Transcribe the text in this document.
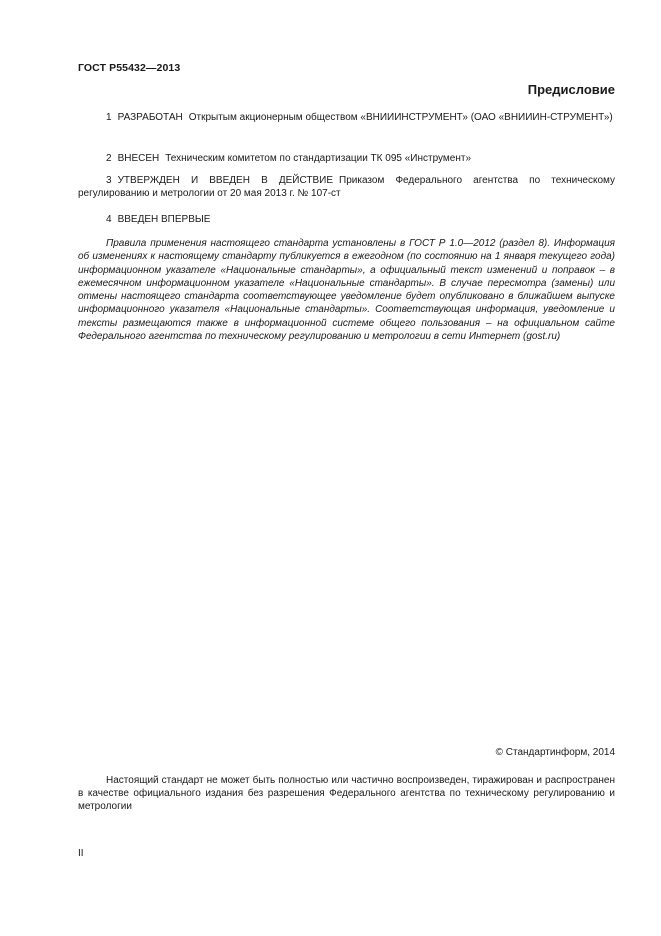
ГОСТ Р55432—2013
Предисловие
1 РАЗРАБОТАН Открытым акционерным обществом «ВНИИИНСТРУМЕНТ» (ОАО «ВНИИИН-СТРУМЕНТ»)
2 ВНЕСЕН Техническим комитетом по стандартизации ТК 095 «Инструмент»
3 УТВЕРЖДЕН И ВВЕДЕН В ДЕЙСТВИЕ Приказом Федерального агентства по техническому регулированию и метрологии от 20 мая 2013 г. № 107-ст
4 ВВЕДЕН ВПЕРВЫЕ
Правила применения настоящего стандарта установлены в ГОСТ Р 1.0—2012 (раздел 8). Информация об изменениях к настоящему стандарту публикуется в ежегодном (по состоянию на 1 января текущего года) информационном указателе «Национальные стандарты», а официальный текст изменений и поправок – в ежемесячном информационном указателе «Национальные стандарты». В случае пересмотра (замены) или отмены настоящего стандарта соответствующее уведомление будет опубликовано в ближайшем выпуске информационного указателя «Национальные стандарты». Соответствующая информация, уведомление и тексты размещаются также в информационной системе общего пользования – на официальном сайте Федерального агентства по техническому регулированию и метрологии в сети Интернет (gost.ru)
© Стандартинформ, 2014
Настоящий стандарт не может быть полностью или частично воспроизведен, тиражирован и распространен в качестве официального издания без разрешения Федерального агентства по техническому регулированию и метрологии
II
